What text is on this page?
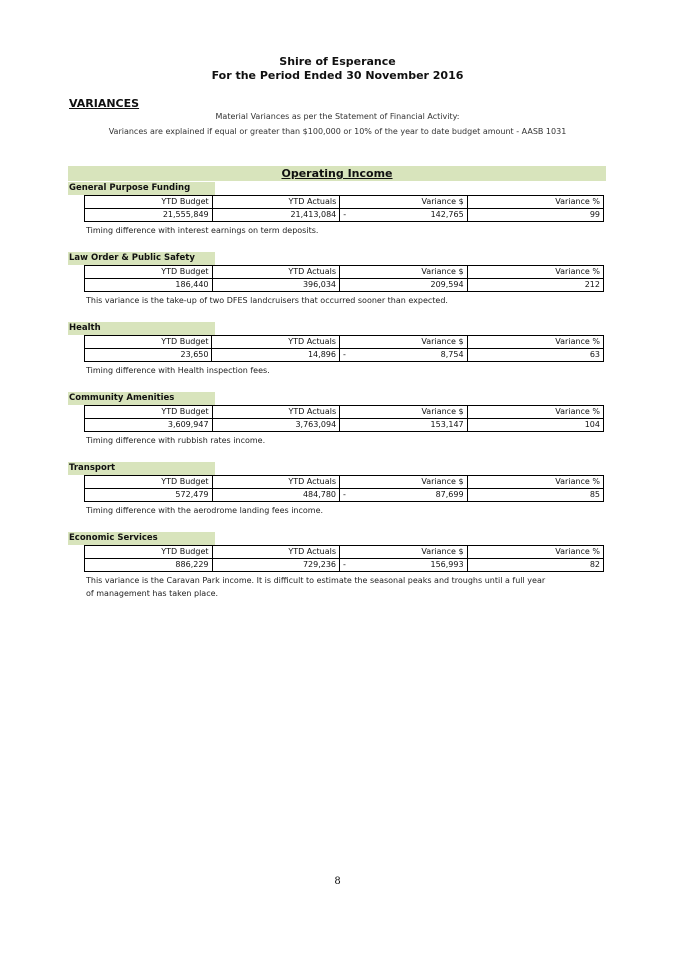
Shire of Esperance
For the Period Ended 30 November 2016
VARIANCES
Material Variances as per the Statement of Financial Activity:
Variances are explained if equal or greater than $100,000 or 10% of the year to date budget amount - AASB 1031
Operating Income
General Purpose Funding
YTD Budget	YTD Actuals	Variance $	Variance %
21,555,849	21,413,084	- 142,765	99
Timing difference with interest earnings on term deposits.
Law Order & Public Safety
YTD Budget	YTD Actuals	Variance $	Variance %
186,440	396,034	209,594	212
This variance is the take-up of two DFES landcruisers that occurred sooner than expected.
Health
YTD Budget	YTD Actuals	Variance $	Variance %
23,650	14,896	- 8,754	63
Timing difference with Health inspection fees.
Community Amenities
YTD Budget	YTD Actuals	Variance $	Variance %
3,609,947	3,763,094	153,147	104
Timing difference with rubbish rates income.
Transport
YTD Budget	YTD Actuals	Variance $	Variance %
572,479	484,780	- 87,699	85
Timing difference with the aerodrome landing fees income.
Economic Services
YTD Budget	YTD Actuals	Variance $	Variance %
886,229	729,236	- 156,993	82
This variance is the Caravan Park income. It is difficult to estimate the seasonal peaks and troughs until a full year
of management has taken place.
8
